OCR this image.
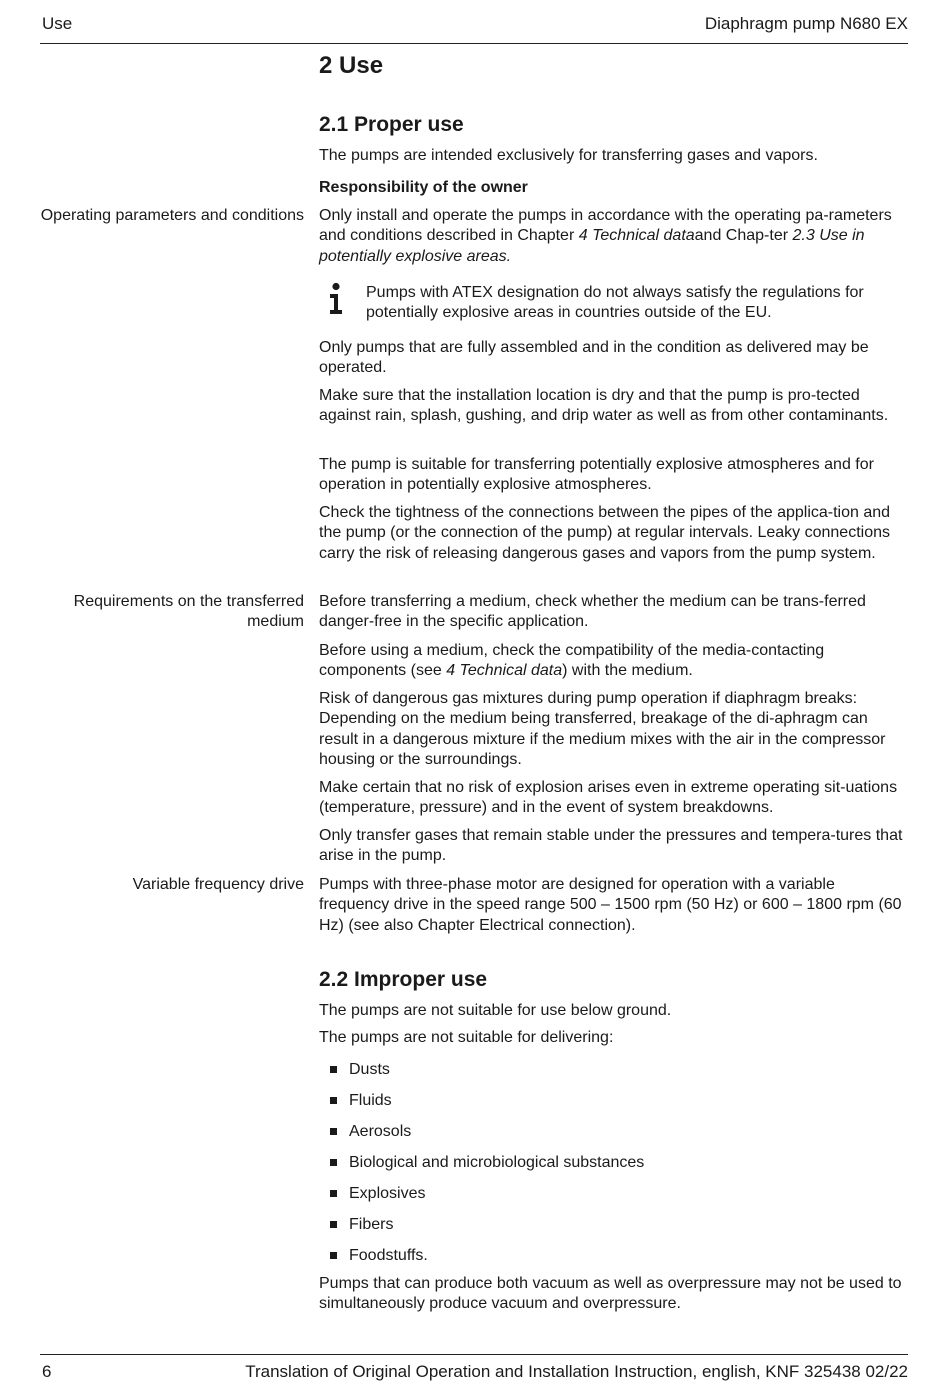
Use	Diaphragm pump N680 EX
2 Use
2.1 Proper use
The pumps are intended exclusively for transferring gases and vapors.
Responsibility of the owner
Operating parameters and conditions Only install and operate the pumps in accordance with the operating pa-rameters and conditions described in Chapter 4 Technical dataand Chap-ter 2.3 Use in potentially explosive areas.
Pumps with ATEX designation do not always satisfy the regulations for potentially explosive areas in countries outside of the EU.
Only pumps that are fully assembled and in the condition as delivered may be operated.
Make sure that the installation location is dry and that the pump is pro-tected against rain, splash, gushing, and drip water as well as from other contaminants.
The pump is suitable for transferring potentially explosive atmospheres and for operation in potentially explosive atmospheres.
Check the tightness of the connections between the pipes of the applica-tion and the pump (or the connection of the pump) at regular intervals. Leaky connections carry the risk of releasing dangerous gases and vapors from the pump system.
Requirements on the transferred medium
Before transferring a medium, check whether the medium can be trans-ferred danger-free in the specific application.
Before using a medium, check the compatibility of the media-contacting components (see 4 Technical data) with the medium.
Risk of dangerous gas mixtures during pump operation if diaphragm breaks: Depending on the medium being transferred, breakage of the di-aphragm can result in a dangerous mixture if the medium mixes with the air in the compressor housing or the surroundings.
Make certain that no risk of explosion arises even in extreme operating sit-uations (temperature, pressure) and in the event of system breakdowns.
Only transfer gases that remain stable under the pressures and tempera-tures that arise in the pump.
Variable frequency drive Pumps with three-phase motor are designed for operation with a variable frequency drive in the speed range 500 – 1500 rpm (50 Hz) or 600 – 1800 rpm (60 Hz) (see also Chapter Electrical connection).
2.2 Improper use
The pumps are not suitable for use below ground.
The pumps are not suitable for delivering:
Dusts
Fluids
Aerosols
Biological and microbiological substances
Explosives
Fibers
Foodstuffs.
Pumps that can produce both vacuum as well as overpressure may not be used to simultaneously produce vacuum and overpressure.
6	Translation of Original Operation and Installation Instruction, english, KNF 325438 02/22
